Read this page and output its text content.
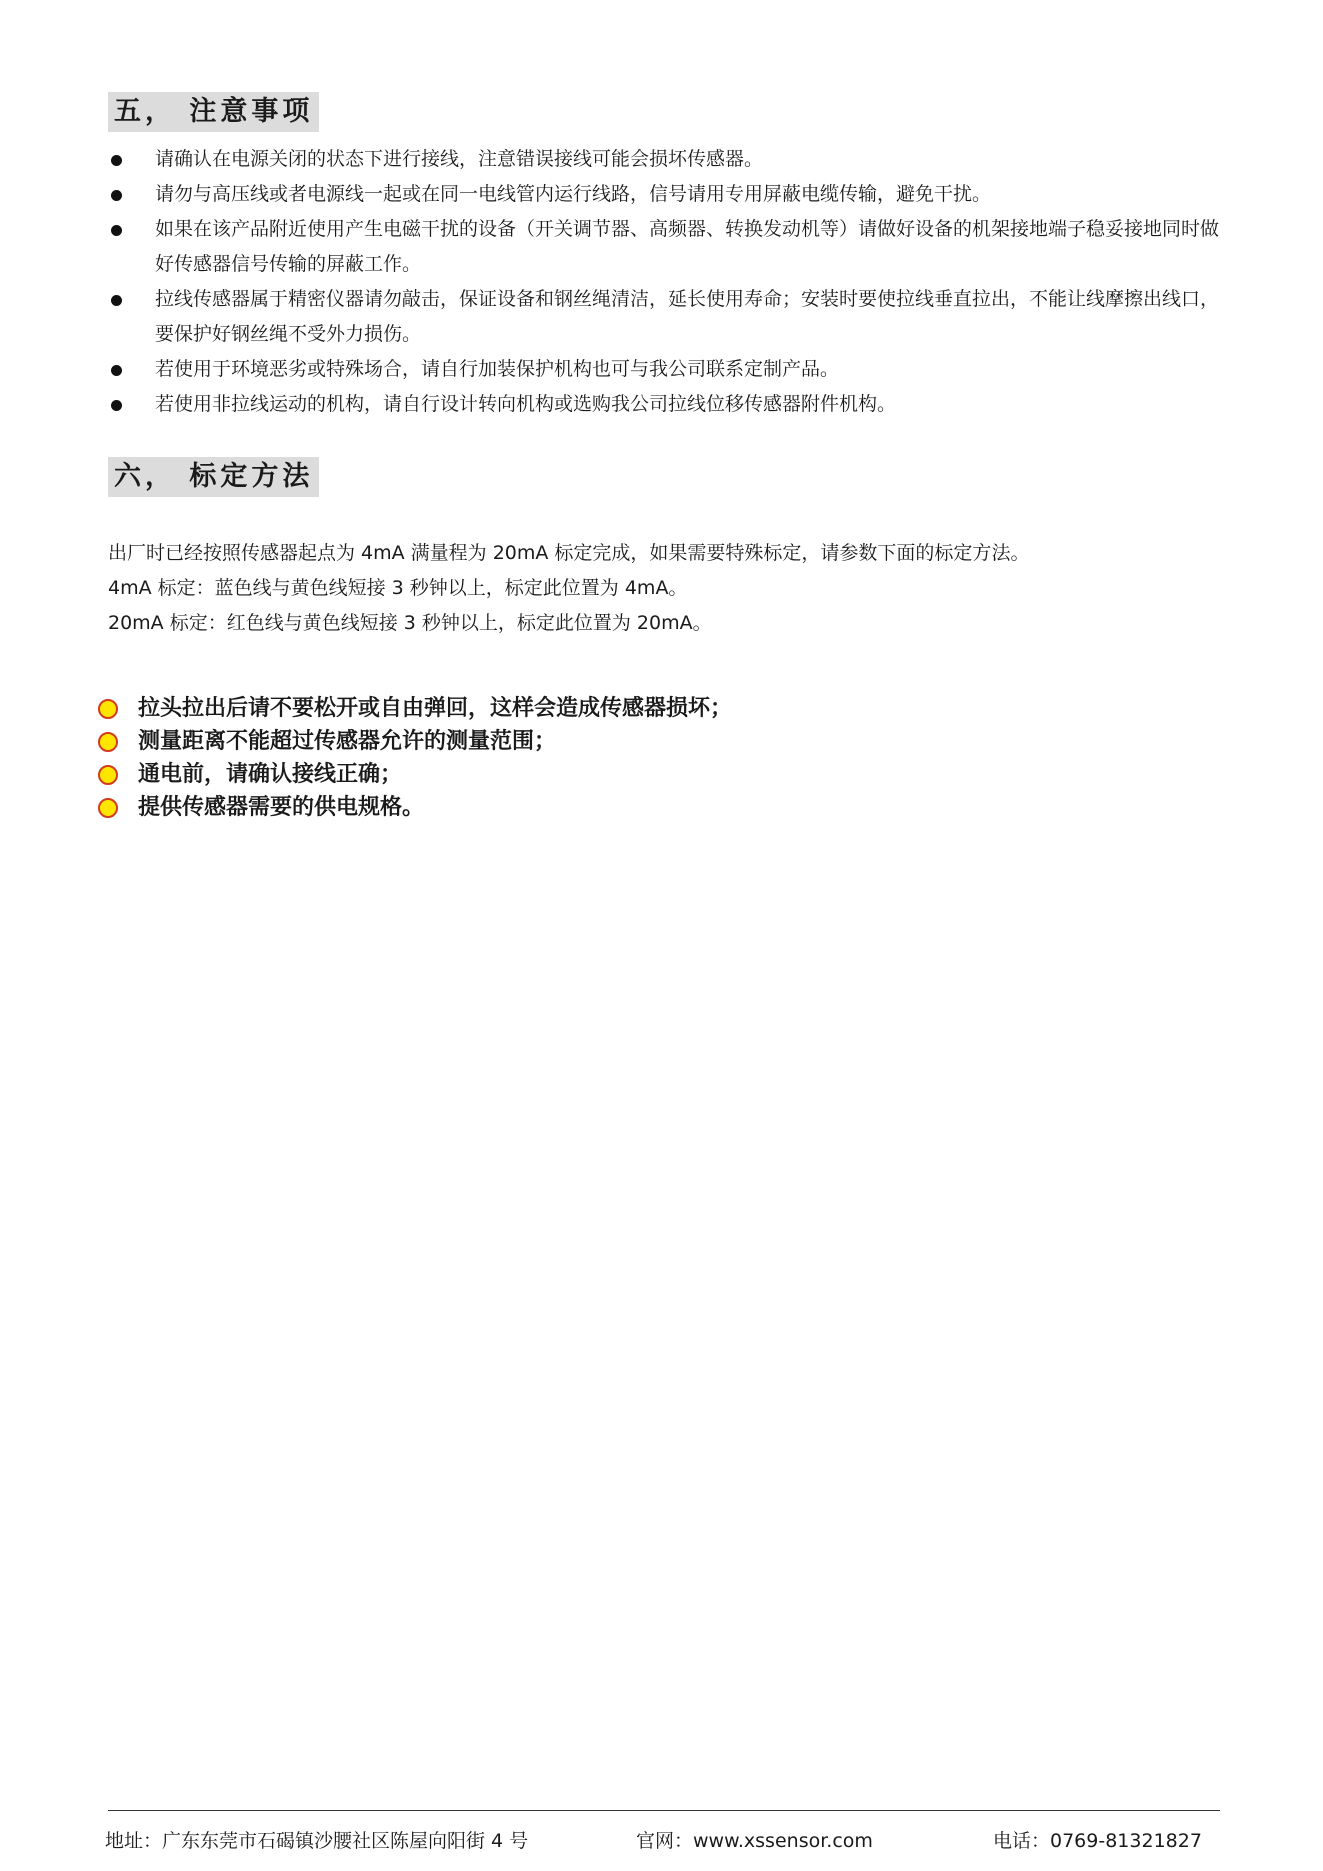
五， 注意事项
请确认在电源关闭的状态下进行接线，注意错误接线可能会损坏传感器。
请勿与高压线或者电源线一起或在同一电线管内运行线路，信号请用专用屏蔽电缆传输，避免干扰。
如果在该产品附近使用产生电磁干扰的设备（开关调节器、高频器、转换发动机等）请做好设备的机架接地端子稳妥接地同时做好传感器信号传输的屏蔽工作。
拉线传感器属于精密仪器请勿敲击，保证设备和钢丝绳清洁，延长使用寿命；安装时要使拉线垂直拉出，不能让线摩擦出线口，要保护好钢丝绳不受外力损伤。
若使用于环境恶劣或特殊场合，请自行加装保护机构也可与我公司联系定制产品。
若使用非拉线运动的机构，请自行设计转向机构或选购我公司拉线位移传感器附件机构。
六， 标定方法

出厂时已经按照传感器起点为 4mA 满量程为 20mA 标定完成，如果需要特殊标定，请参数下面的标定方法。

4mA 标定：蓝色线与黄色线短接 3 秒钟以上，标定此位置为 4mA。

20mA 标定：红色线与黄色线短接 3 秒钟以上，标定此位置为 20mA。

拉头拉出后请不要松开或自由弹回，这样会造成传感器损坏；
测量距离不能超过传感器允许的测量范围；
通电前，请确认接线正确；
提供传感器需要的供电规格。
地址：广东东莞市石碣镇沙腰社区陈屋向阳街 4 号	官网：www.xssensor.com	电话：0769-81321827
